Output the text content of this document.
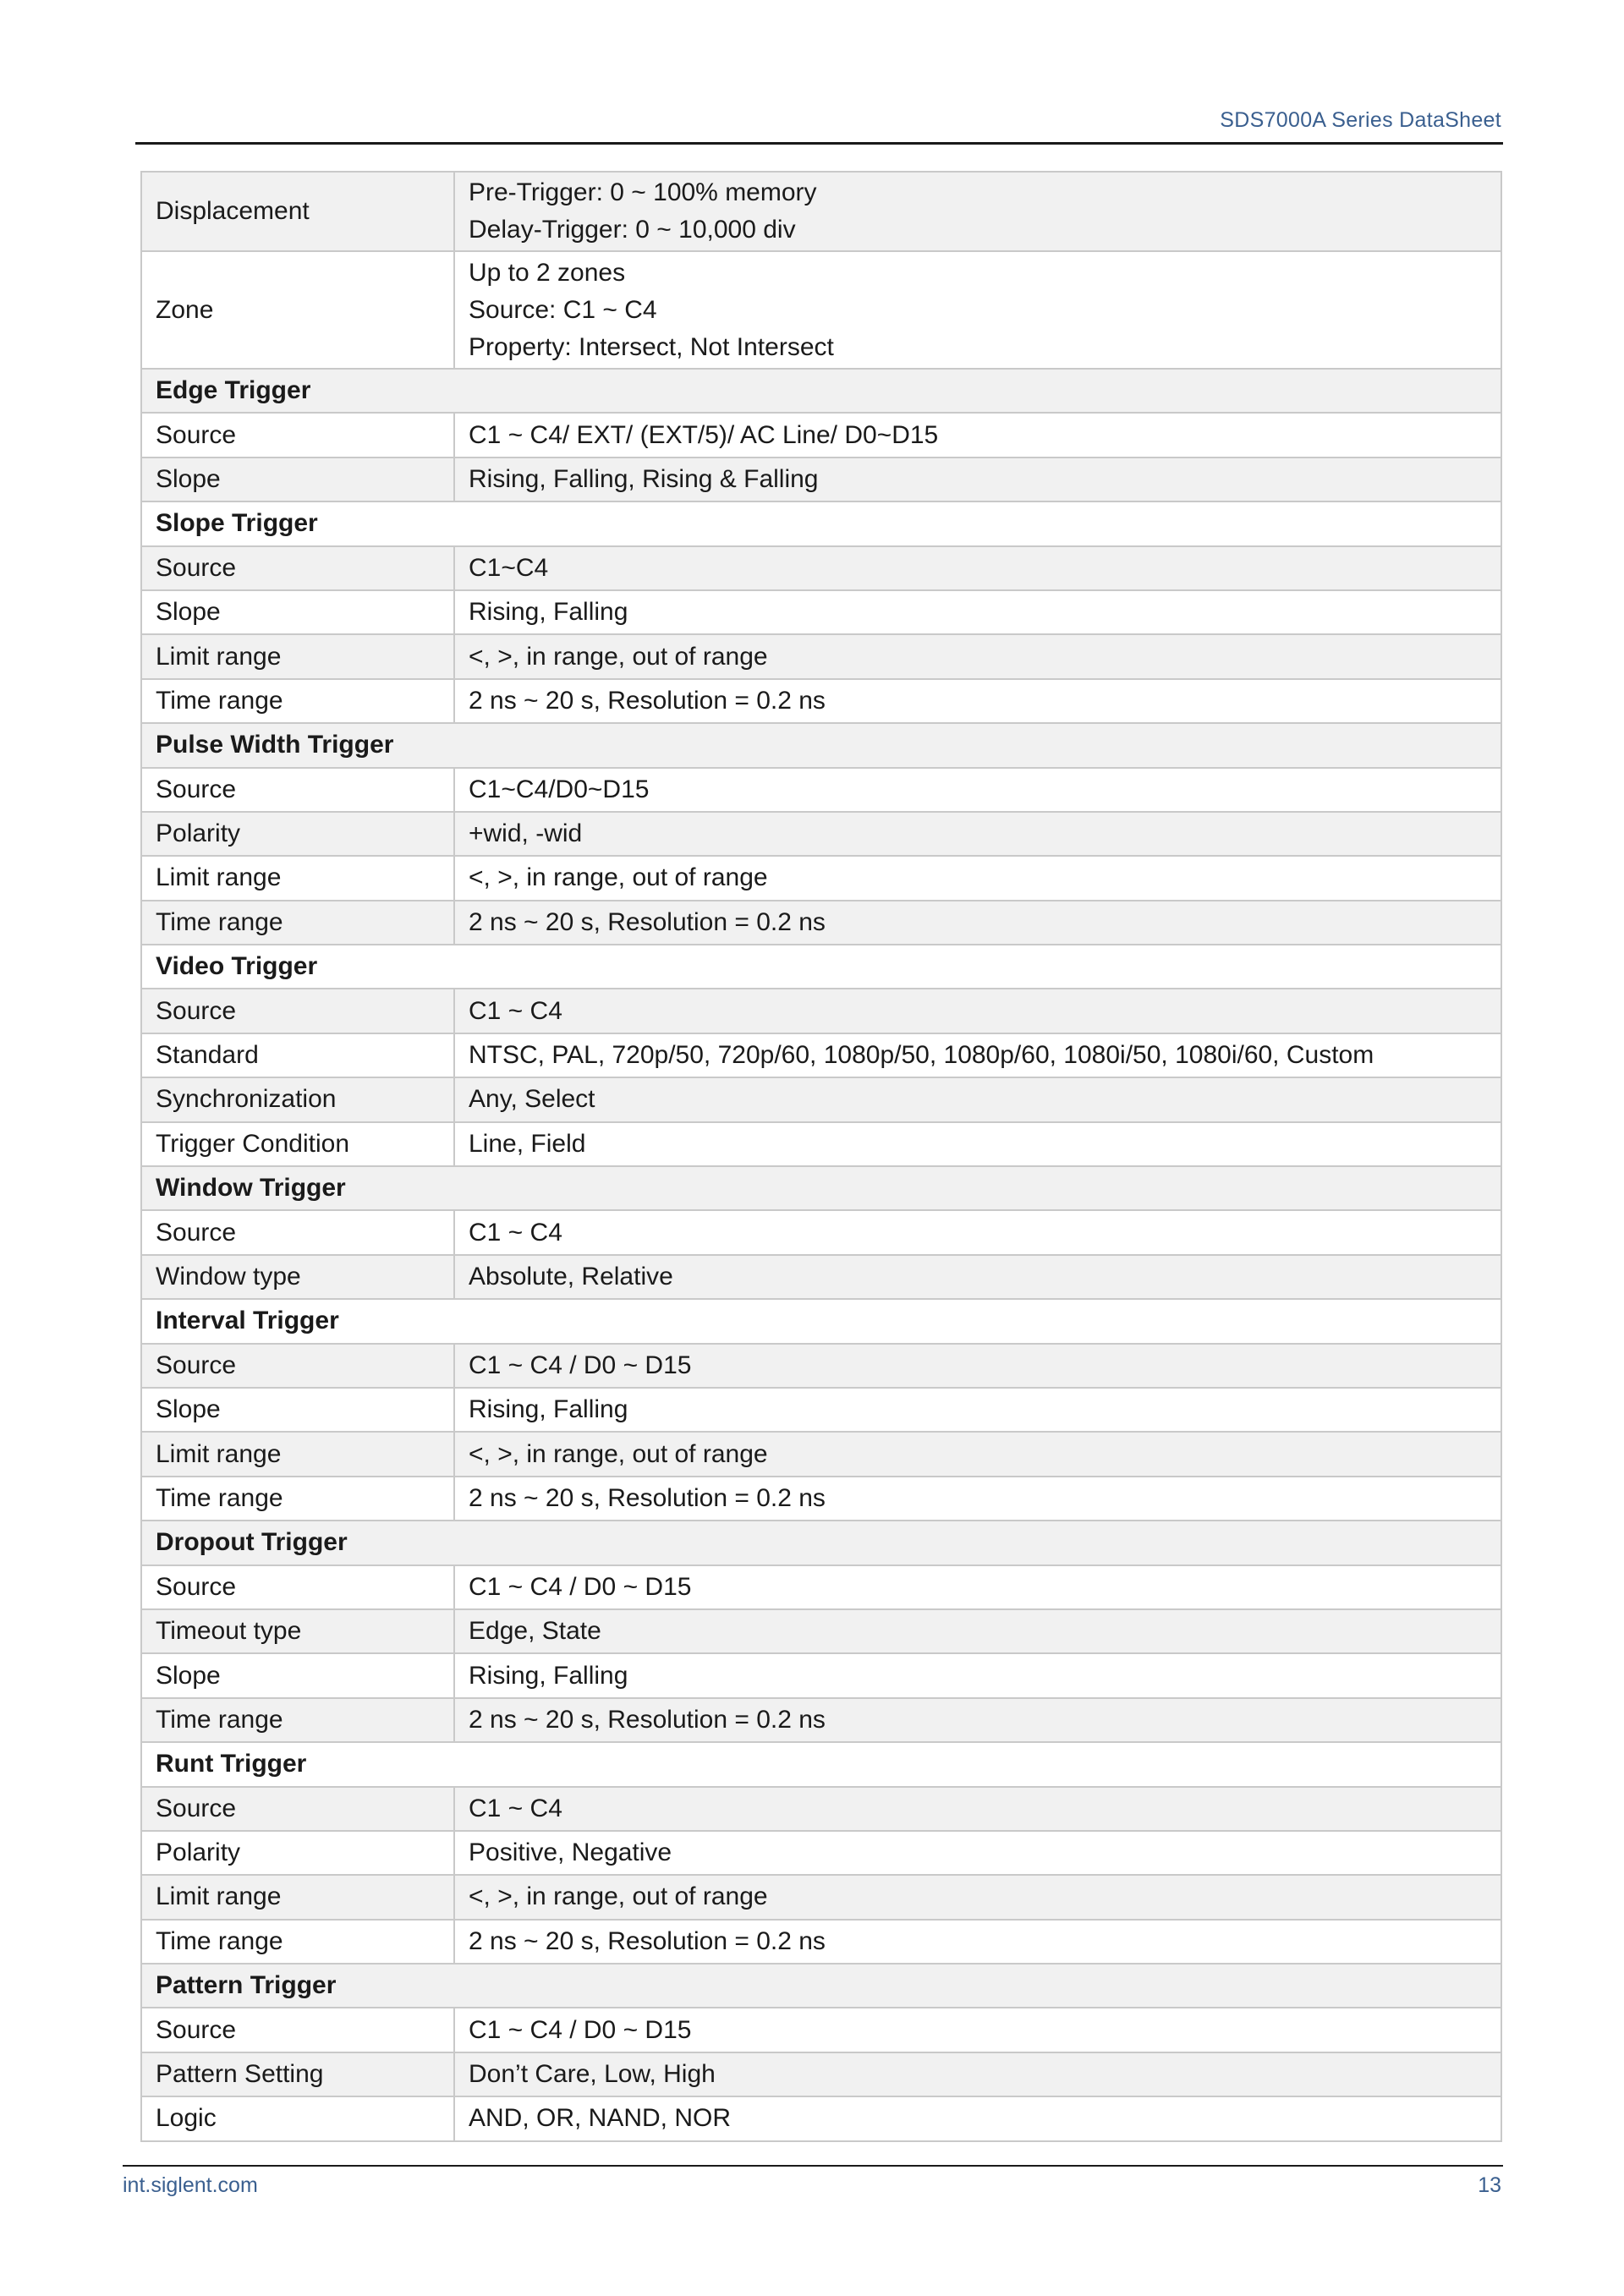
SDS7000A Series DataSheet
Displacement	Pre-Trigger: 0 ~ 100% memory
Delay-Trigger: 0 ~ 10,000 div

Zone	Up to 2 zones
Source: C1 ~ C4
Property: Intersect, Not Intersect

Edge Trigger	
Source	C1 ~ C4/ EXT/ (EXT/5)/ AC Line/ D0~D15

Slope	Rising, Falling, Rising & Falling

Slope Trigger	
Source	C1~C4

Slope	Rising, Falling

Limit range	<, >, in range, out of range

Time range	2 ns ~ 20 s, Resolution = 0.2 ns

Pulse Width Trigger	
Source	C1~C4/D0~D15

Polarity	+wid, -wid

Limit range	<, >, in range, out of range

Time range	2 ns ~ 20 s, Resolution = 0.2 ns

Video Trigger	
Source	C1 ~ C4

Standard	NTSC, PAL, 720p/50, 720p/60, 1080p/50, 1080p/60, 1080i/50, 1080i/60, Custom

Synchronization	Any, Select

Trigger Condition	Line, Field

Window Trigger	
Source	C1 ~ C4

Window type	Absolute, Relative

Interval Trigger	
Source	C1 ~ C4 / D0 ~ D15

Slope	Rising, Falling

Limit range	<, >, in range, out of range

Time range	2 ns ~ 20 s, Resolution = 0.2 ns

Dropout Trigger	
Source	C1 ~ C4 / D0 ~ D15

Timeout type	Edge, State

Slope	Rising, Falling

Time range	2 ns ~ 20 s, Resolution = 0.2 ns

Runt Trigger	
Source	C1 ~ C4

Polarity	Positive, Negative

Limit range	<, >, in range, out of range

Time range	2 ns ~ 20 s, Resolution = 0.2 ns

Pattern Trigger	
Source	C1 ~ C4 / D0 ~ D15

Pattern Setting	Don’t Care, Low, High

Logic	AND, OR, NAND, NOR
int.siglent.com	13
